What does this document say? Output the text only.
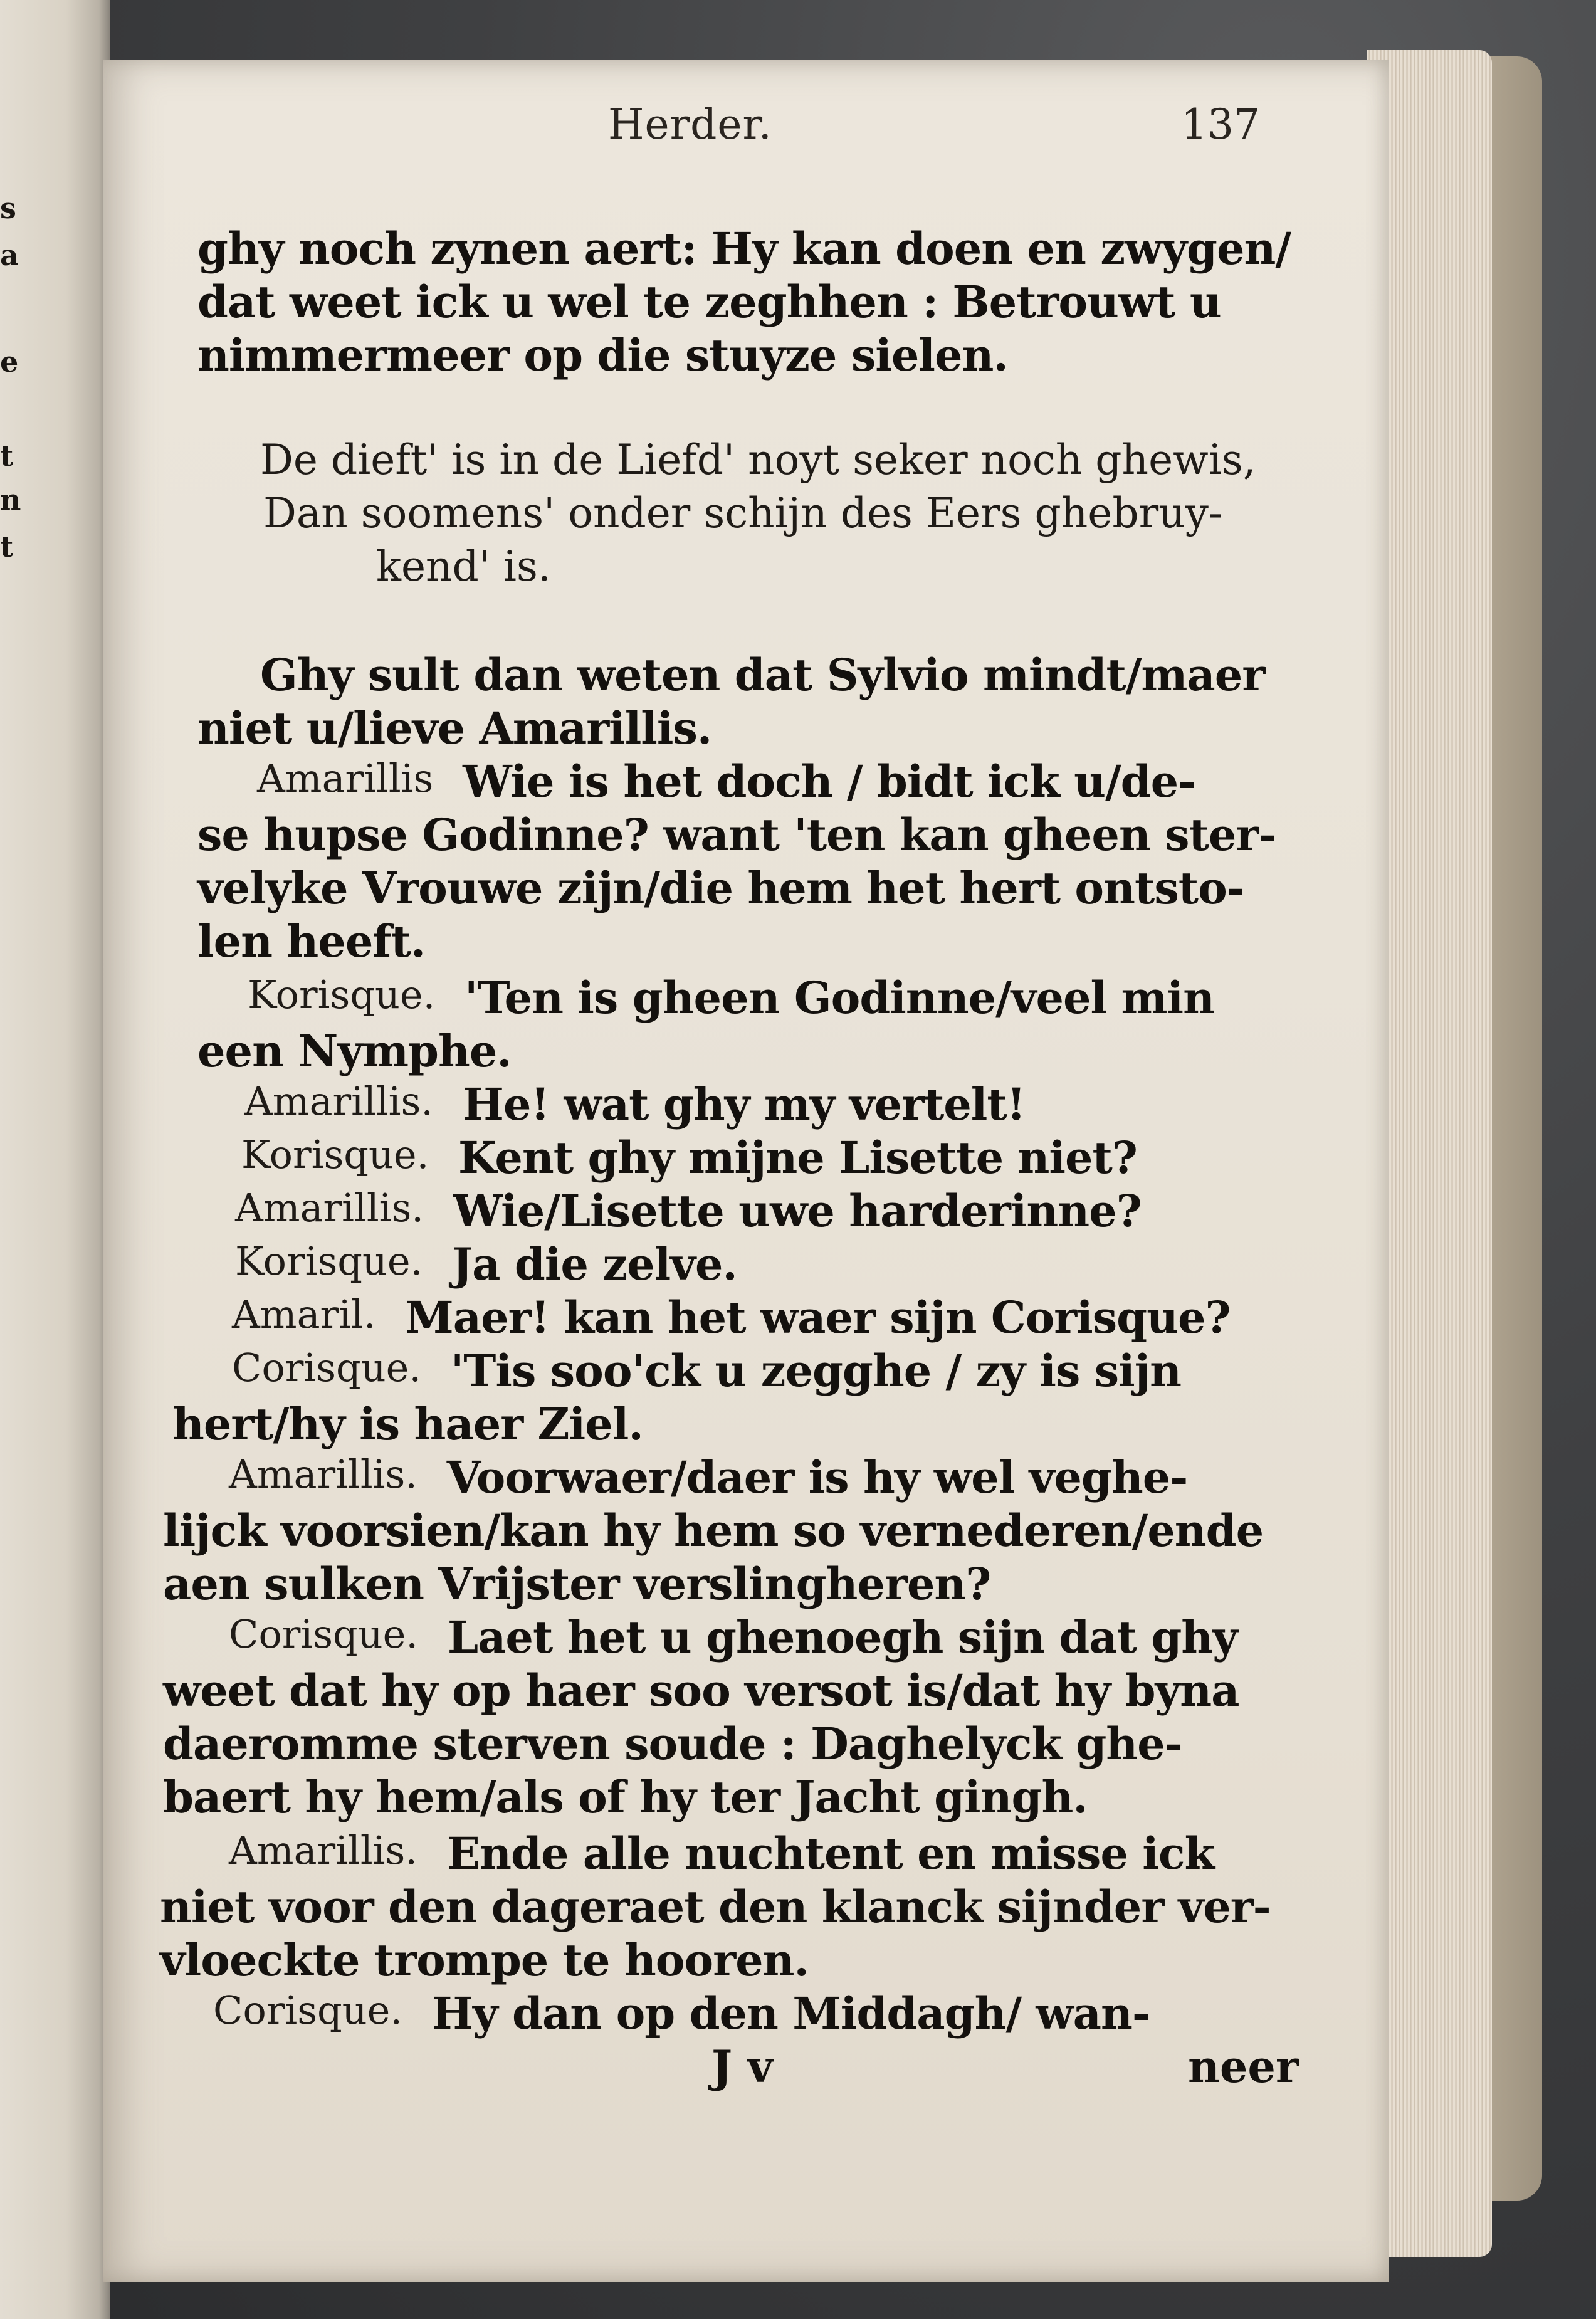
s
a
e
t
n
t
Herder.	137
ghy noch zynen aert: Hy kan doen en zwygen/
dat weet ick u wel te zeghhen : Betrouwt u
nimmermeer op die stuyze sielen.
De dieft' is in de Liefd' noyt seker noch ghewis,
Dan soomens' onder schijn des Eers ghebruy-
kend' is.
Ghy sult dan weten dat Sylvio mindt/maer
niet u/lieve Amarillis.
Amarillis
Wie is het doch / bidt ick u/de-
se hupse Godinne? want 'ten kan gheen ster-
velyke Vrouwe zijn/die hem het hert ontsto-
len heeft.
Korisque.
'Ten is gheen Godinne/veel min
een Nymphe.
Amarillis.
He! wat ghy my vertelt!
Korisque.
Kent ghy mijne Lisette niet?
Amarillis.
Wie/Lisette uwe harderinne?
Korisque.
Ja die zelve.
Amaril.
Maer! kan het waer sijn Corisque?
Corisque.
'Tis soo'ck u zegghe / zy is sijn
hert/hy is haer Ziel.
Amarillis.
Voorwaer/daer is hy wel veghe-
lijck voorsien/kan hy hem so vernederen/ende
aen sulken Vrijster verslingheren?
Corisque.
Laet het u ghenoegh sijn dat ghy
weet dat hy op haer soo versot is/dat hy byna
daeromme sterven soude : Daghelyck ghe-
baert hy hem/als of hy ter Jacht gingh.
Amarillis.
Ende alle nuchtent en misse ick
niet voor den dageraet den klanck sijnder ver-
vloeckte trompe te hooren.
Corisque.
Hy dan op den Middagh/ wan-
J v	neer
